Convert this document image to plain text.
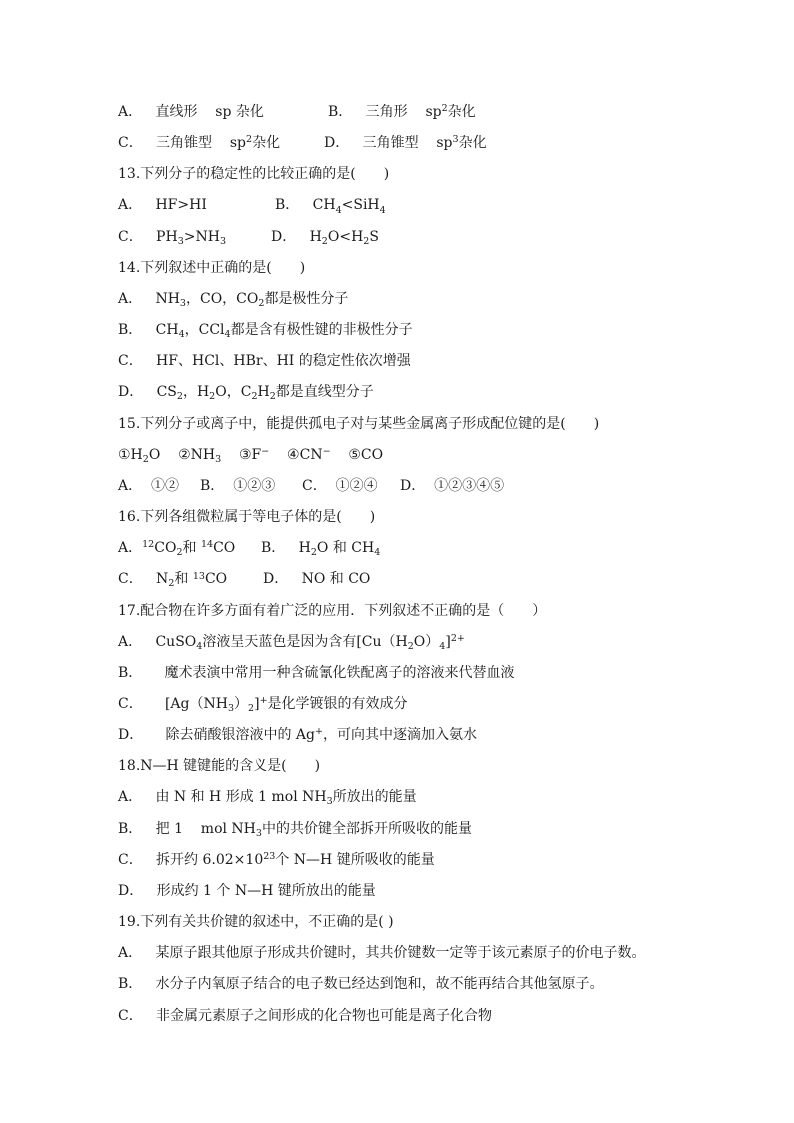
A．   直线形    sp 杂化

	B．   三角形    $sp^2$杂化

C．   三角锥型    $sp^2$杂化

	D．   三角锥型    $sp^3$杂化

13.下列分子的稳定性的比较正确的是(　　)

A．   HF>HI

	B．   $CH_4<SiH_4$

C．   $PH_3>NH_3$

	D．   $H_2O<H_2S$

14.下列叙述中正确的是(　　)
A．   $NH_3$，CO，$CO_2$都是极性分子
B．   $CH_4$，CCl$_4$都是含有极性键的非极性分子
C．   HF、HCl、HBr、HI 的稳定性依次增强
D．   $CS_2$，$H_2O$，$C_2H_2$都是直线型分子
15.下列分子或离子中，能提供孤电子对与某些金属离子形成配位键的是(　　)
$①H_2O$    $②NH_3$    ③F−    ④CN−    ⑤CO

A．  ①②

B．  ①②③

C．  ①②④

D．  ①②③④⑤

16.下列各组微粒属于等电子体的是(　　)

A．$^{12}CO_2$和 $^{14}$CO

B．   $H_2O$ 和 $CH_4$

C．   $N_2$和 $^{13}$CO

	D．   NO 和 CO

17.配合物在许多方面有着广泛的应用．下列叙述不正确的是（　　）
A．   CuSO$_4$溶液呈天蓝色是因为含有$[Cu(H_2O)_4]^{2+}$
B．     魔术表演中常用一种含硫氰化铁配离子的溶液来代替血液
C．     $[Ag(NH_3)_2]^+$是化学镀银的有效成分
D．     除去硝酸银溶液中的 Ag+，可向其中逐滴加入氨水
18.N—H 键键能的含义是(　　)
A．   由 N 和 H 形成 1 mol $NH_3$所放出的能量
B．   把 1    mol $NH_3$中的共价键全部拆开所吸收的能量
C．   拆开约 $6.02\times 10^{23}$个 N—H 键所吸收的能量
D．   形成约 1 个 N—H 键所放出的能量
19.下列有关共价键的叙述中，不正确的是( )
A．   某原子跟其他原子形成共价键时，其共价键数一定等于该元素原子的价电子数。
B．   水分子内氧原子结合的电子数已经达到饱和，故不能再结合其他氢原子。
C．   非金属元素原子之间形成的化合物也可能是离子化合物
